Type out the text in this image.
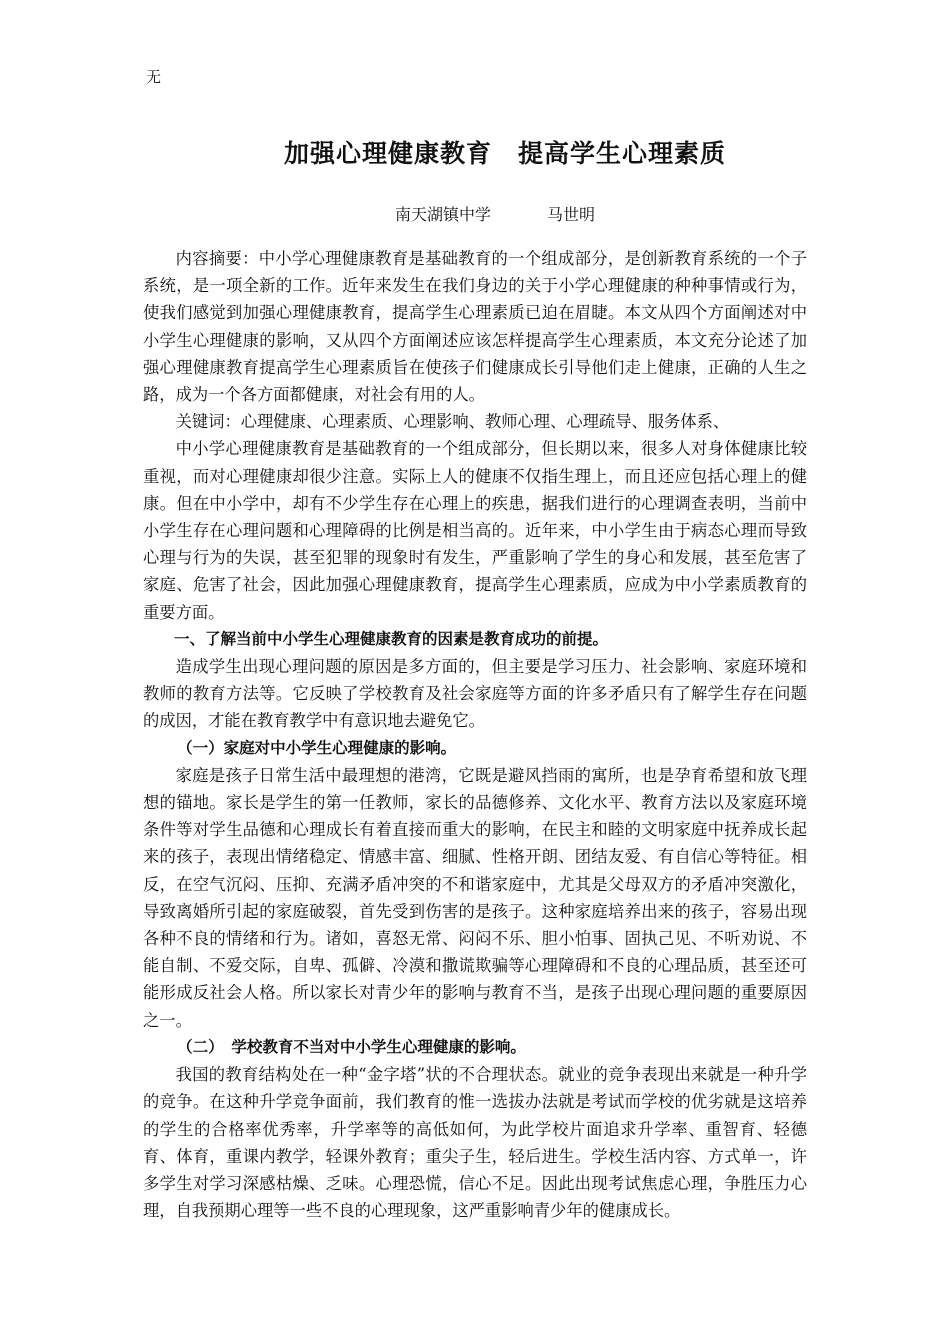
无
加强心理健康教育　提高学生心理素质
南天湖镇中学	马世明

内容摘要：中小学心理健康教育是基础教育的一个组成部分，是创新教育系统的一个子系统，是一项全新的工作。近年来发生在我们身边的关于小学心理健康的种种事情或行为，使我们感觉到加强心理健康教育，提高学生心理素质已迫在眉睫。本文从四个方面阐述对中小学生心理健康的影响，又从四个方面阐述应该怎样提高学生心理素质，本文充分论述了加强心理健康教育提高学生心理素质旨在使孩子们健康成长引导他们走上健康，正确的人生之路，成为一个各方面都健康，对社会有用的人。

关键词：心理健康、心理素质、心理影响、教师心理、心理疏导、服务体系、

中小学心理健康教育是基础教育的一个组成部分，但长期以来，很多人对身体健康比较重视，而对心理健康却很少注意。实际上人的健康不仅指生理上，而且还应包括心理上的健康。但在中小学中，却有不少学生存在心理上的疾患，据我们进行的心理调查表明，当前中小学生存在心理问题和心理障碍的比例是相当高的。近年来，中小学生由于病态心理而导致心理与行为的失误，甚至犯罪的现象时有发生，严重影响了学生的身心和发展，甚至危害了家庭、危害了社会，因此加强心理健康教育，提高学生心理素质，应成为中小学素质教育的重要方面。

一、了解当前中小学生心理健康教育的因素是教育成功的前提。

造成学生出现心理问题的原因是多方面的，但主要是学习压力、社会影响、家庭环境和教师的教育方法等。它反映了学校教育及社会家庭等方面的许多矛盾只有了解学生存在问题的成因，才能在教育教学中有意识地去避免它。

（一）家庭对中小学生心理健康的影响。

家庭是孩子日常生活中最理想的港湾，它既是避风挡雨的寓所，也是孕育希望和放飞理想的锚地。家长是学生的第一任教师，家长的品德修养、文化水平、教育方法以及家庭环境条件等对学生品德和心理成长有着直接而重大的影响，在民主和睦的文明家庭中抚养成长起来的孩子，表现出情绪稳定、情感丰富、细腻、性格开朗、团结友爱、有自信心等特征。相反，在空气沉闷、压抑、充满矛盾冲突的不和谐家庭中，尤其是父母双方的矛盾冲突激化，导致离婚所引起的家庭破裂，首先受到伤害的是孩子。这种家庭培养出来的孩子，容易出现各种不良的情绪和行为。诸如，喜怒无常、闷闷不乐、胆小怕事、固执己见、不听劝说、不能自制、不爱交际，自卑、孤僻、冷漠和撒谎欺骗等心理障碍和不良的心理品质，甚至还可能形成反社会人格。所以家长对青少年的影响与教育不当，是孩子出现心理问题的重要原因之一。

（二）　学校教育不当对中小学生心理健康的影响。

我国的教育结构处在一种“金字塔”状的不合理状态。就业的竞争表现出来就是一种升学的竞争。在这种升学竞争面前，我们教育的惟一选拔办法就是考试而学校的优劣就是这培养的学生的合格率优秀率，升学率等的高低如何，为此学校片面追求升学率、重智育、轻德育、体育，重课内教学，轻课外教育；重尖子生，轻后进生。学校生活内容、方式单一，许多学生对学习深感枯燥、乏味。心理恐慌，信心不足。因此出现考试焦虑心理，争胜压力心理，自我预期心理等一些不良的心理现象，这严重影响青少年的健康成长。
